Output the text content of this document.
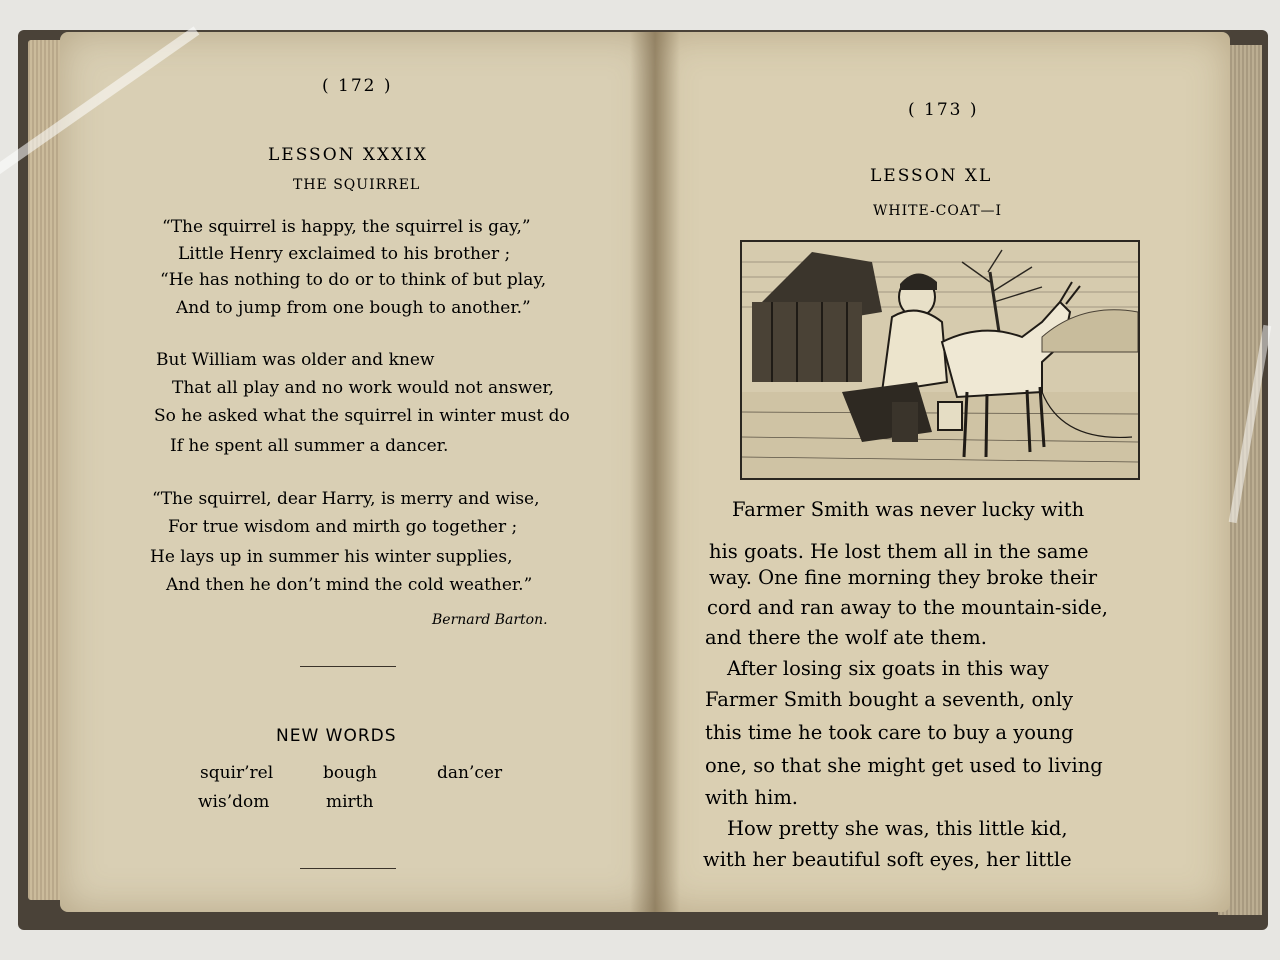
( 172 )
LESSON XXXIX
THE SQUIRREL
“The squirrel is happy, the squirrel is gay,”
Little Henry exclaimed to his brother ;
“He has nothing to do or to think of but play,
And to jump from one bough to another.”
But William was older and knew
That all play and no work would not answer,
So he asked what the squirrel in winter must do
If he spent all summer a dancer.
“The squirrel, dear Harry, is merry and wise,
For true wisdom and mirth go together ;
He lays up in summer his winter supplies,
And then he don’t mind the cold weather.”
Bernard Barton.
NEW WORDS
squir’rel	bough	dan’cer
wis’dom	mirth
( 173 )
LESSON XL
WHITE-COAT—I
Farmer Smith was never lucky with
his goats. He lost them all in the same
way. One fine morning they broke their
cord and ran away to the mountain-side,
and there the wolf ate them.
After losing six goats in this way
Farmer Smith bought a seventh, only
this time he took care to buy a young
one, so that she might get used to living
with him.
How pretty she was, this little kid,
with her beautiful soft eyes, her little
